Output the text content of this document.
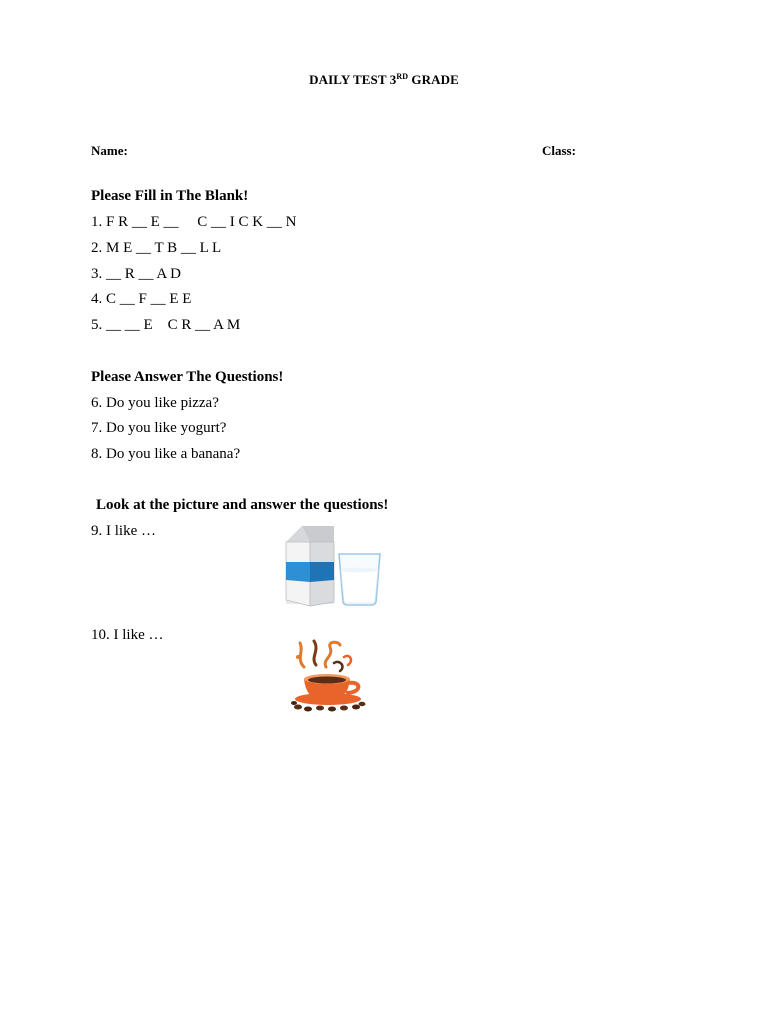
DAILY TEST 3RD GRADE
Name:	Class:
Please Fill in The Blank!
1. F R __ E __     C __ I C K __ N
2. M E __ T B __ L L
3. __ R __ A D
4. C __ F __ E E
5. __ __ E    C R __ A M
Please Answer The Questions!
6. Do you like pizza?
7. Do you like yogurt?
8. Do you like a banana?
Look at the picture and answer the questions!
9. I like …
10. I like …
